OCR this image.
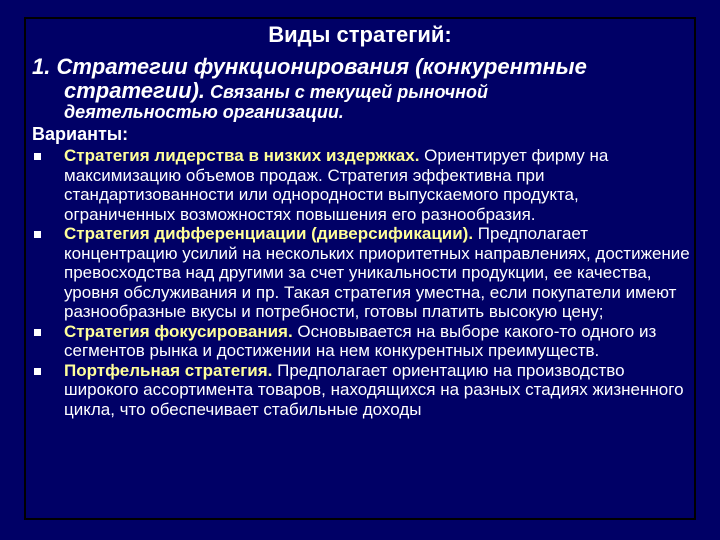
Виды стратегий:
1. Стратегии функционирования (конкурентные
стратегии). Связаны с текущей рыночной
деятельностью организации.
Варианты:
Стратегия лидерства в низких издержках. Ориентирует фирму на максимизацию объемов продаж. Стратегия эффективна при стандартизованности или однородности выпускаемого продукта, ограниченных возможностях повышения его разнообразия.
Стратегия дифференциации (диверсификации). Предполагает концентрацию усилий на нескольких приоритетных направлениях, достижение превосходства над другими за счет уникальности продукции, ее качества, уровня обслуживания и пр. Такая стратегия уместна, если покупатели имеют разнообразные вкусы и потребности, готовы платить высокую цену;
Стратегия фокусирования. Основывается на выборе какого-то одного из сегментов рынка и достижении на нем конкурентных преимуществ.
Портфельная стратегия. Предполагает ориентацию на производство широкого ассортимента товаров, находящихся на разных стадиях жизненного цикла, что обеспечивает стабильные доходы
